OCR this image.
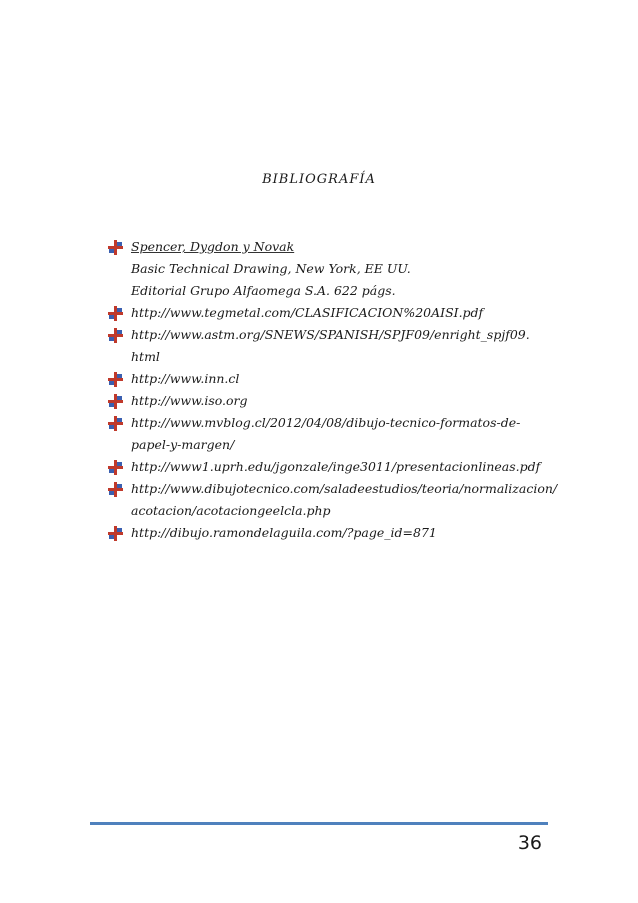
BIBLIOGRAFÍA
Spencer, Dygdon y Novak
Basic Technical Drawing, New York, EE UU.
Editorial Grupo Alfaomega S.A. 622 págs.
http://www.tegmetal.com/CLASIFICACION%20AISI.pdf
http://www.astm.org/SNEWS/SPANISH/SPJF09/enright_spjf09.
html
http://www.inn.cl
http://www.iso.org
http://www.mvblog.cl/2012/04/08/dibujo-tecnico-formatos-de-
papel-y-margen/
http://www1.uprh.edu/jgonzale/inge3011/presentacionlineas.pdf
http://www.dibujotecnico.com/saladeestudios/teoria/normalizacion/
acotacion/acotaciongeelcla.php
http://dibujo.ramondelaguila.com/?page_id=871
36
